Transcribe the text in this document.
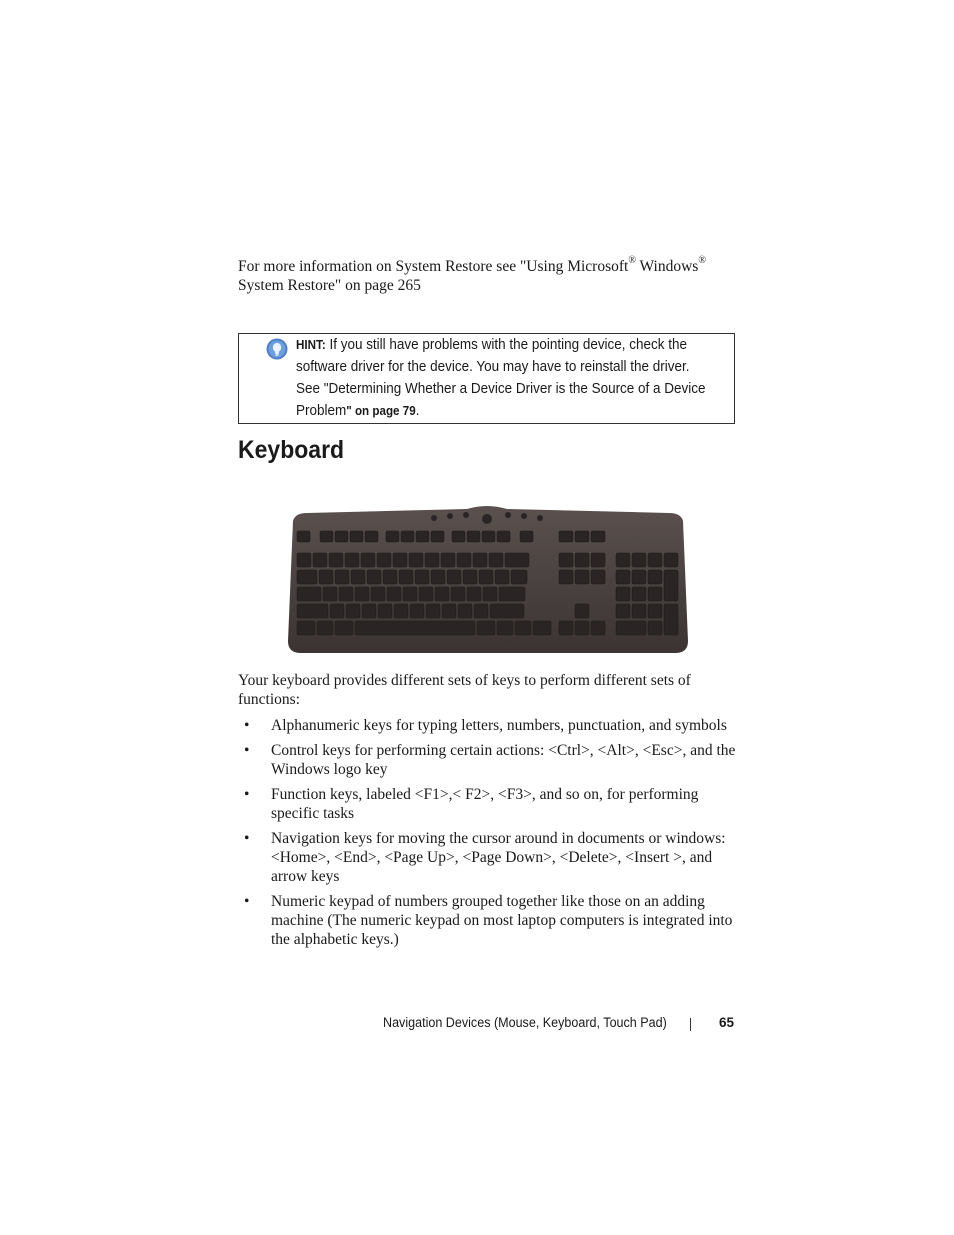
For more information on System Restore see "Using Microsoft® Windows®
System Restore" on page 265

HINT: If you still have problems with the pointing device, check the
software driver for the device. You may have to reinstall the driver.
See "Determining Whether a Device Driver is the Source of a Device
Problem" on page 79.
Keyboard

Your keyboard provides different sets of keys to perform different sets of functions:

• Alphanumeric keys for typing letters, numbers, punctuation, and symbols
• Control keys for performing certain actions: <Ctrl>, <Alt>, <Esc>, and the Windows logo key
• Function keys, labeled <F1>,< F2>, <F3>, and so on, for performing specific tasks
• Navigation keys for moving the cursor around in documents or windows: <Home>, <End>, <Page Up>, <Page Down>, <Delete>, <Insert >, and arrow keys
• Numeric keypad of numbers grouped together like those on an adding machine (The numeric keypad on most laptop computers is integrated into the alphabetic keys.)
Navigation Devices (Mouse, Keyboard, Touch Pad)	65
